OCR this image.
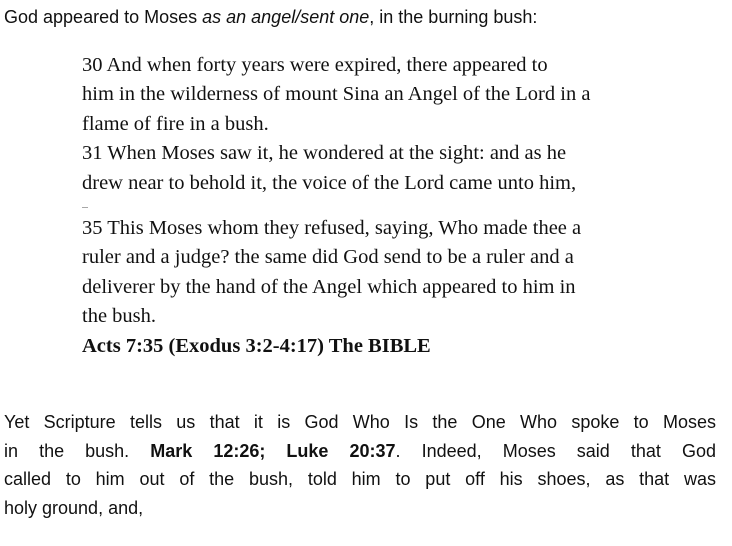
God appeared to Moses as an angel/sent one, in the burning bush:

30 And when forty years were expired, there appeared to

him in the wilderness of mount Sina an Angel of the Lord in a

flame of fire in a bush.

31 When Moses saw it, he wondered at the sight: and as he

drew near to behold it, the voice of the Lord came unto him,

...

35 This Moses whom they refused, saying, Who made thee a

ruler and a judge? the same did God send to be a ruler and a

deliverer by the hand of the Angel which appeared to him in

the bush.

Acts 7:35 (Exodus 3:2-4:17) The BIBLE

Yet Scripture tells us that it is God Who Is the One Who spoke to Moses
in the bush. Mark 12:26; Luke 20:37. Indeed, Moses said that God
called to him out of the bush, told him to put off his shoes, as that was
holy ground, and,
